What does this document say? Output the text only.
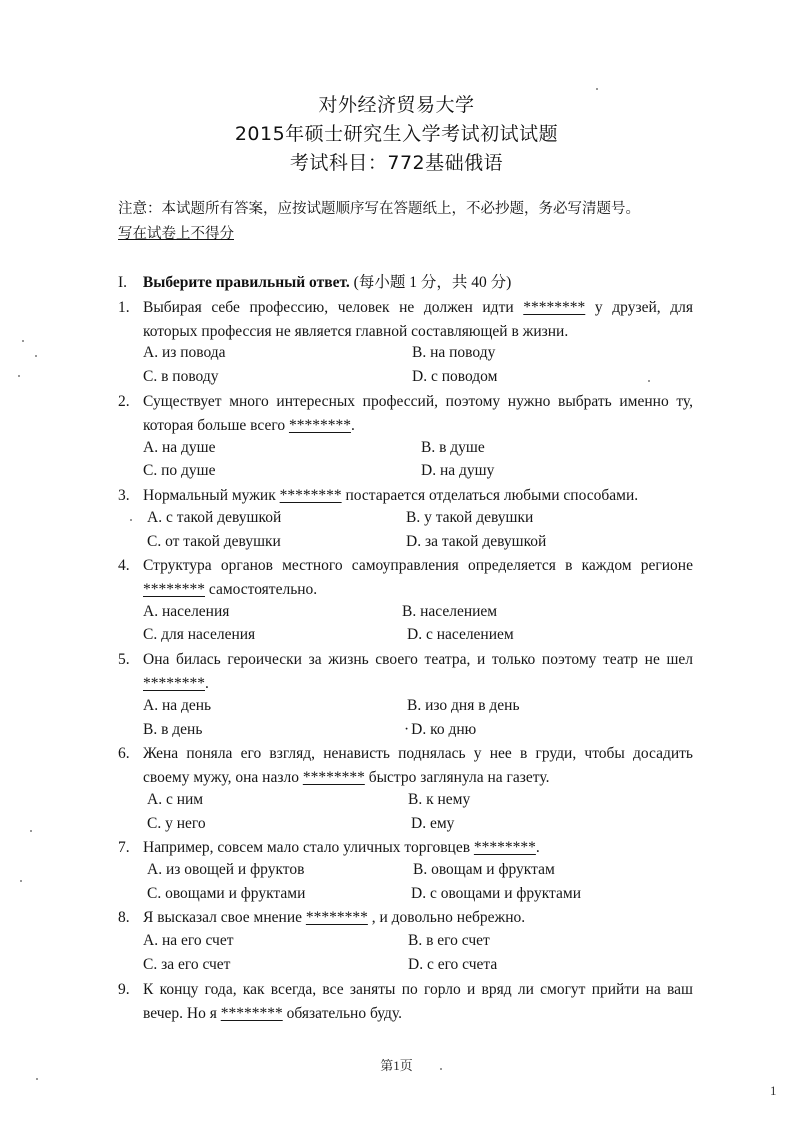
对外经济贸易大学
2015年硕士研究生入学考试初试试题
考试科目：772基础俄语
注意：本试题所有答案，应按试题顺序写在答题纸上，不必抄题，务必写清题号。
写在试卷上不得分
I. Выберите правильный ответ. (每小题 1 分，共 40 分)
1. Выбирая себе профессию, человек не должен идти ******** у друзей, для которых профессия не является главной составляющей в жизни.
A. из повода	B. на поводу
C. в поводу	D. с поводом
2. Существует много интересных профессий, поэтому нужно выбрать именно ту, которая больше всего ********.
A. на душе	B. в душе
C. по душе	D. на душу
3. Нормальный мужик ******** постарается отделаться любыми способами.
A. с такой девушкой	B. у такой девушки
C. от такой девушки	D. за такой девушкой
4. Структура органов местного самоуправления определяется в каждом регионе ******** самостоятельно.
A. населения	B. населением
C. для населения	D. с населением
5. Она билась героически за жизнь своего театра, и только поэтому театр не шел ********.
A. на день	B. изо дня в день
B. в день	· D. ко дню
6. Жена поняла его взгляд, ненависть поднялась у нее в груди, чтобы досадить своему мужу, она назло ******** быстро заглянула на газету.
A. с ним	B. к нему
C. у него	D. ему
7. Например, совсем мало стало уличных торговцев ********.
A. из овощей и фруктов	B. овощам и фруктам
C. овощами и фруктами	D. с овощами и фруктами
8. Я высказал свое мнение ******** , и довольно небрежно.
A. на его счет	B. в его счет
C. за его счет	D. с его счета
9. К концу года, как всегда, все заняты по горло и вряд ли смогут прийти на ваш вечер. Но я ******** обязательно буду.
第1页
1
